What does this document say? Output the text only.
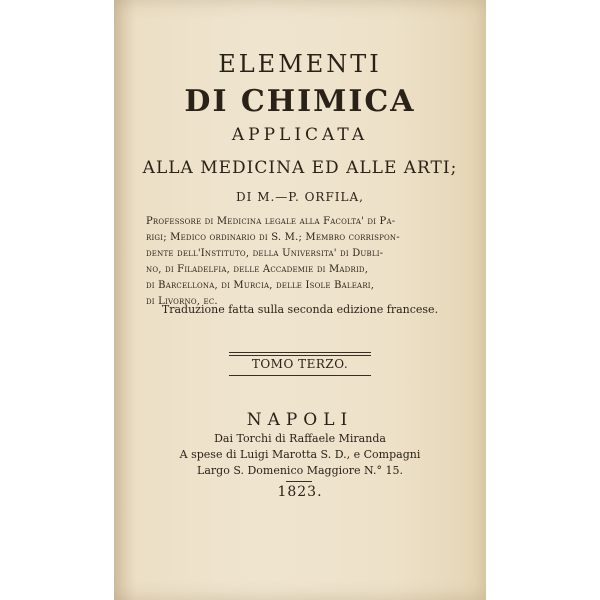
ELEMENTI
DI CHIMICA
APPLICATA
ALLA MEDICINA ED ALLE ARTI;
DI M.—P. ORFILA,
Professore di Medicina legale alla Facolta' di Pa-
rigi; Medico ordinario di S. M.; Membro corrispon-
dente dell'Instituto, della Universita' di Dubli-
no, di Filadelfia, delle Accademie di Madrid,
di Barcellona, di Murcia, delle Isole Baleari,
di Livorno, ec.
Traduzione fatta sulla seconda edizione francese.
TOMO TERZO.
NAPOLI
Dai Torchi di Raffaele Miranda
A spese di Luigi Marotta S. D., e Compagni
Largo S. Domenico Maggiore N.° 15.
1823.
